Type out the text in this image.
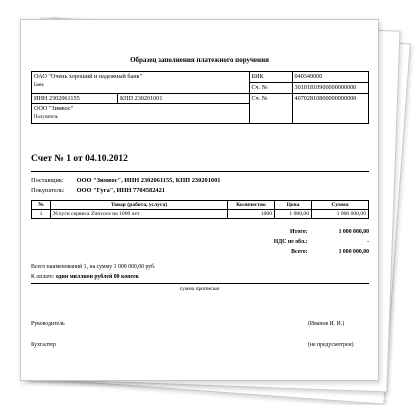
Образец заполнения платежного поручения
ОАО "Очень хороший и надежный банк"
Банк		БИК	040349000
		Сч. №	30101810900000000000
ИНН 2302061155	КПП 230201001	Сч. №	40702810800000000000
ООО "Зимвос"
Получатель			
Счет № 1 от 04.10.2012
Поставщик: ООО "Зимвос", ИНН 2302061155, КПП 230201001
Покупатель: ООО "Гуга", ИНН 7704582421
№	Товар (работа, услуга)	Количество	Цена	Сумма
1	Услуги сервиса Zimvoce на 1000 лет	1000	1 000,00	1 000 000,00
Итого:	1 000 000,00
НДС не обл.:	-
Всего:	1 000 000,00
Всего наименований 1, на сумму 1 000 000,00 руб.
К оплате: один миллион рублей 00 копеек
сумма прописью
Руководитель	(Иванов И. И.)
Бухгалтер	(не предусмотрен)
